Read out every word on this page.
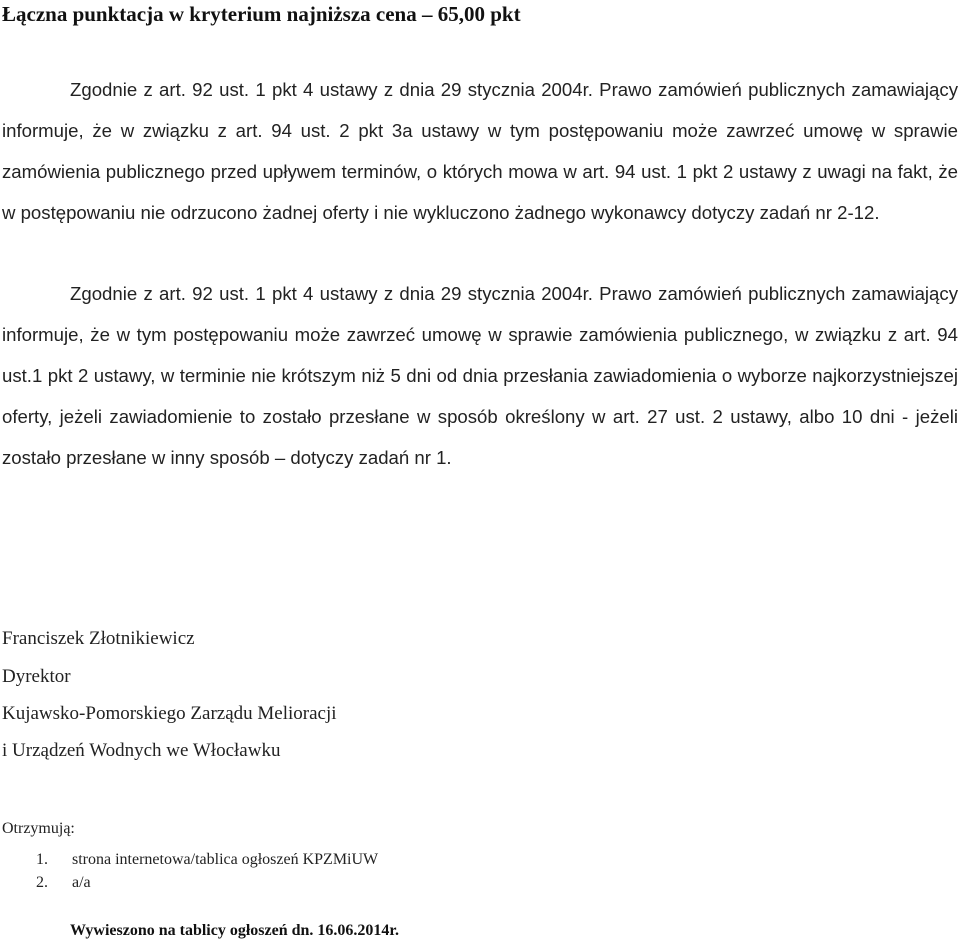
Łączna punktacja w kryterium najniższa cena – 65,00 pkt
Zgodnie z art. 92 ust. 1 pkt 4 ustawy z dnia 29 stycznia 2004r. Prawo zamówień publicznych zamawiający informuje, że w związku z art. 94 ust. 2 pkt 3a ustawy w tym postępowaniu może zawrzeć umowę w sprawie zamówienia publicznego przed upływem terminów, o których mowa w art. 94 ust. 1 pkt 2 ustawy z uwagi na fakt, że w postępowaniu nie odrzucono żadnej oferty i nie wykluczono żadnego wykonawcy dotyczy zadań nr 2-12.
Zgodnie z art. 92 ust. 1 pkt 4 ustawy z dnia 29 stycznia 2004r. Prawo zamówień publicznych zamawiający informuje, że w tym postępowaniu może zawrzeć umowę w sprawie zamówienia publicznego, w związku z art. 94 ust.1 pkt 2 ustawy, w terminie nie krótszym niż 5 dni od dnia przesłania zawiadomienia o wyborze najkorzystniejszej oferty, jeżeli zawiadomienie to zostało przesłane w sposób określony w art. 27 ust. 2 ustawy, albo 10 dni - jeżeli zostało przesłane w inny sposób – dotyczy zadań nr 1.
Franciszek Złotnikiewicz
Dyrektor
Kujawsko-Pomorskiego Zarządu Melioracji
i Urządzeń Wodnych we Włocławku
Otrzymują:
1. strona internetowa/tablica ogłoszeń KPZMiUW
2. a/a
Wywieszono na tablicy ogłoszeń dn. 16.06.2014r.
